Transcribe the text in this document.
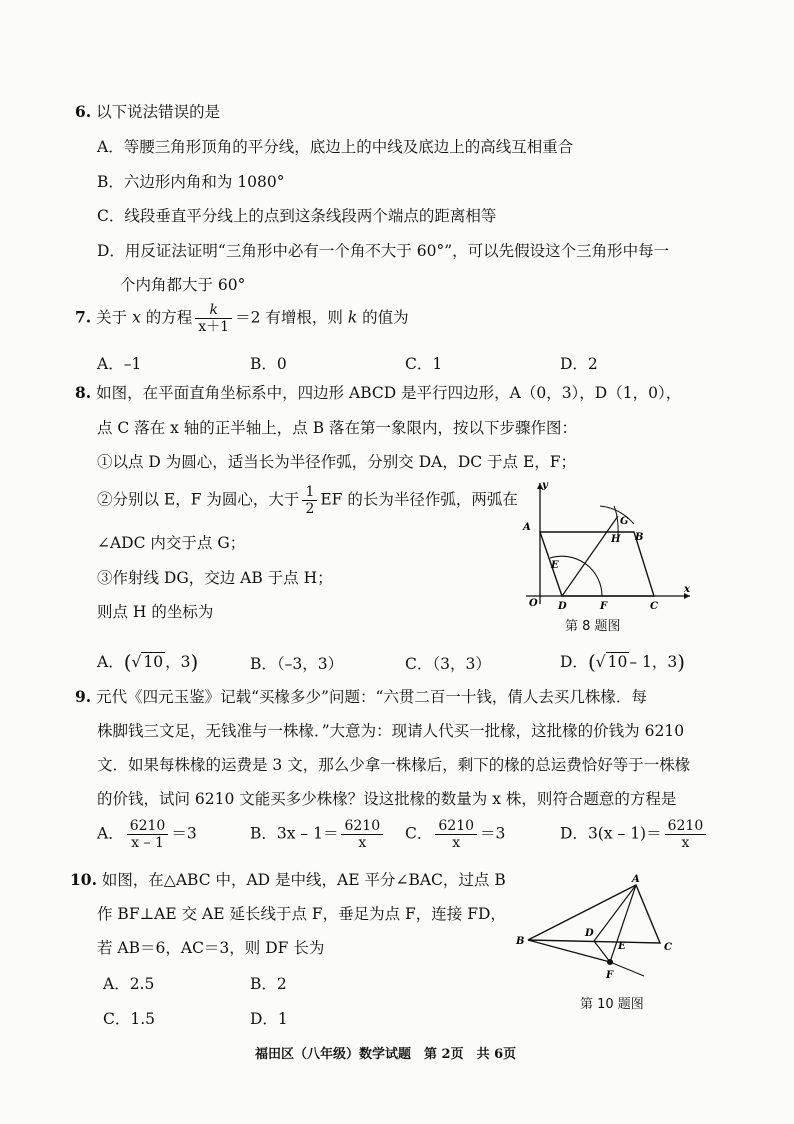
6. 以下说法错误的是
A．等腰三角形顶角的平分线，底边上的中线及底边上的高线互相重合
B．六边形内角和为 1080°
C．线段垂直平分线上的点到这条线段两个端点的距离相等
D．用反证法证明“三角形中必有一个角不大于 60°”，可以先假设这个三角形中每一
个内角都大于 60°
7. 关于 x 的方程 $\frac{k}{x+1} =2$ 有增根，则 k 的值为
A．–1	B．0	C．1	D．2
8. 如图，在平面直角坐标系中，四边形 ABCD 是平行四边形，A（0，3），D（1，0），
点 C 落在 x 轴的正半轴上，点 B 落在第一象限内，按以下步骤作图：
①以点 D 为圆心，适当长为半径作弧，分别交 DA，DC 于点 E，F；
②分别以 E，F 为圆心，大于 $\frac{1}{2}$ EF 的长为半径作弧，两弧在
∠ADC 内交于点 G；
③作射线 DG，交边 AB 于点 H；
则点 H 的坐标为	O
A
B
C
D
E
F
G
H
y
x
第 8 题图
A．(√ 10 ，3)	B．（–3，3）	C．（3，3）	D．(√ 10 – 1，3)
9. 元代《四元玉鉴》记载“买椽多少”问题：“六贯二百一十钱，倩人去买几株椽．每
株脚钱三文足，无钱准与一株椽．”大意为：现请人代买一批椽，这批椽的价钱为 6210
文．如果每株椽的运费是 3 文，那么少拿一株椽后，剩下的椽的总运费恰好等于一株椽
的价钱，试问 6210 文能买多少株椽？设这批椽的数量为 x 株，则符合题意的方程是
A． $\frac{6210}{x - 1} =3$	B．$3x - 1= \frac{6210}{x}$ C． $\frac{6210}{x} =3$	D．$3(x - 1)= \frac{6210}{x}$
10. 如图，在△ABC 中，AD 是中线，AE 平分∠BAC，过点 B
作 BF⊥AE 交 AE 延长线于点 F，垂足为点 F，连接 FD，
若 AB＝6，AC＝3，则 DF 长为
A．2.5	B．2
C．1.5	D．1
B
A
C
D
E
F
第 10 题图
福田区（八年级）数学试题　第 2页　共 6页
